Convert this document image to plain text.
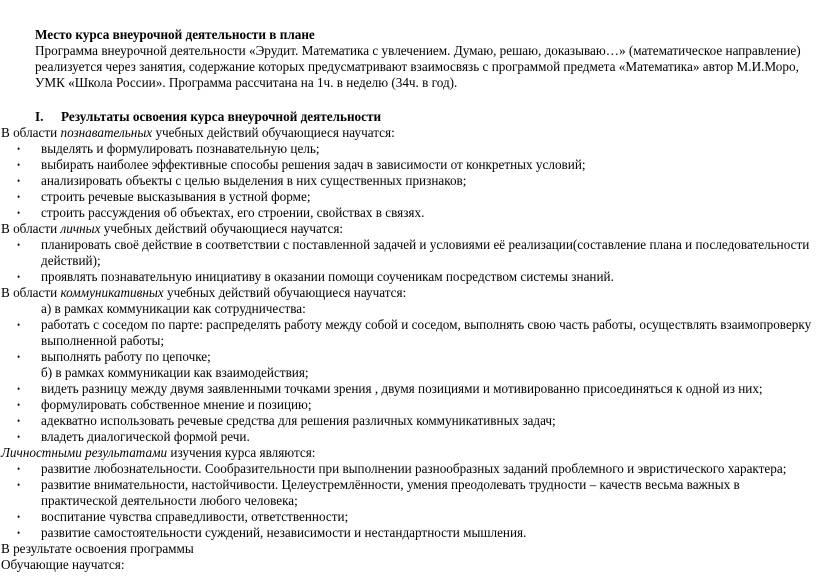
Место курса внеурочной деятельности в плане
Программа внеурочной деятельности «Эрудит. Математика с увлечением. Думаю, решаю, доказываю…» (математическое направление) реализуется через занятия, содержание которых предусматривают взаимосвязь с программой предмета «Математика» автор М.И.Моро, УМК «Школа России». Программа рассчитана на 1ч. в неделю (34ч. в год).
I. Результаты освоения курса внеурочной деятельности
В области познавательных учебных действий обучающиеся научатся:
• выделять и формулировать познавательную цель;
• выбирать наиболее эффективные способы решения задач в зависимости от конкретных условий;
• анализировать объекты с целью выделения в них существенных признаков;
• строить речевые высказывания в устной форме;
• строить рассуждения об объектах, его строении, свойствах в связях.
В области личных учебных действий обучающиеся научатся:
• планировать своё действие в соответствии с поставленной задачей и условиями её реализации(составление плана и последовательности действий);
• проявлять познавательную инициативу в оказании помощи соученикам посредством системы знаний.
В области коммуникативных учебных действий обучающиеся научатся:
а) в рамках коммуникации как сотрудничества:
• работать с соседом по парте: распределять работу между собой и соседом, выполнять свою часть работы, осуществлять взаимопроверку выполненной работы;
• выполнять работу по цепочке;
б) в рамках коммуникации как взаимодействия;
• видеть разницу между двумя заявленными точками зрения , двумя позициями и мотивированно присоединяться к одной из них;
• формулировать собственное мнение и позицию;
• адекватно использовать речевые средства для решения различных коммуникативных задач;
• владеть диалогической формой речи.
Личностными результатами изучения курса являются:
• развитие любознательности. Сообразительности при выполнении разнообразных заданий проблемного и эвристического характера;
• развитие внимательности, настойчивости. Целеустремлённости, умения преодолевать трудности – качеств весьма важных в практической деятельности любого человека;
• воспитание чувства справедливости, ответственности;
• развитие самостоятельности суждений, независимости и нестандартности мышления.
В результате освоения программы
Обучающие научатся:
